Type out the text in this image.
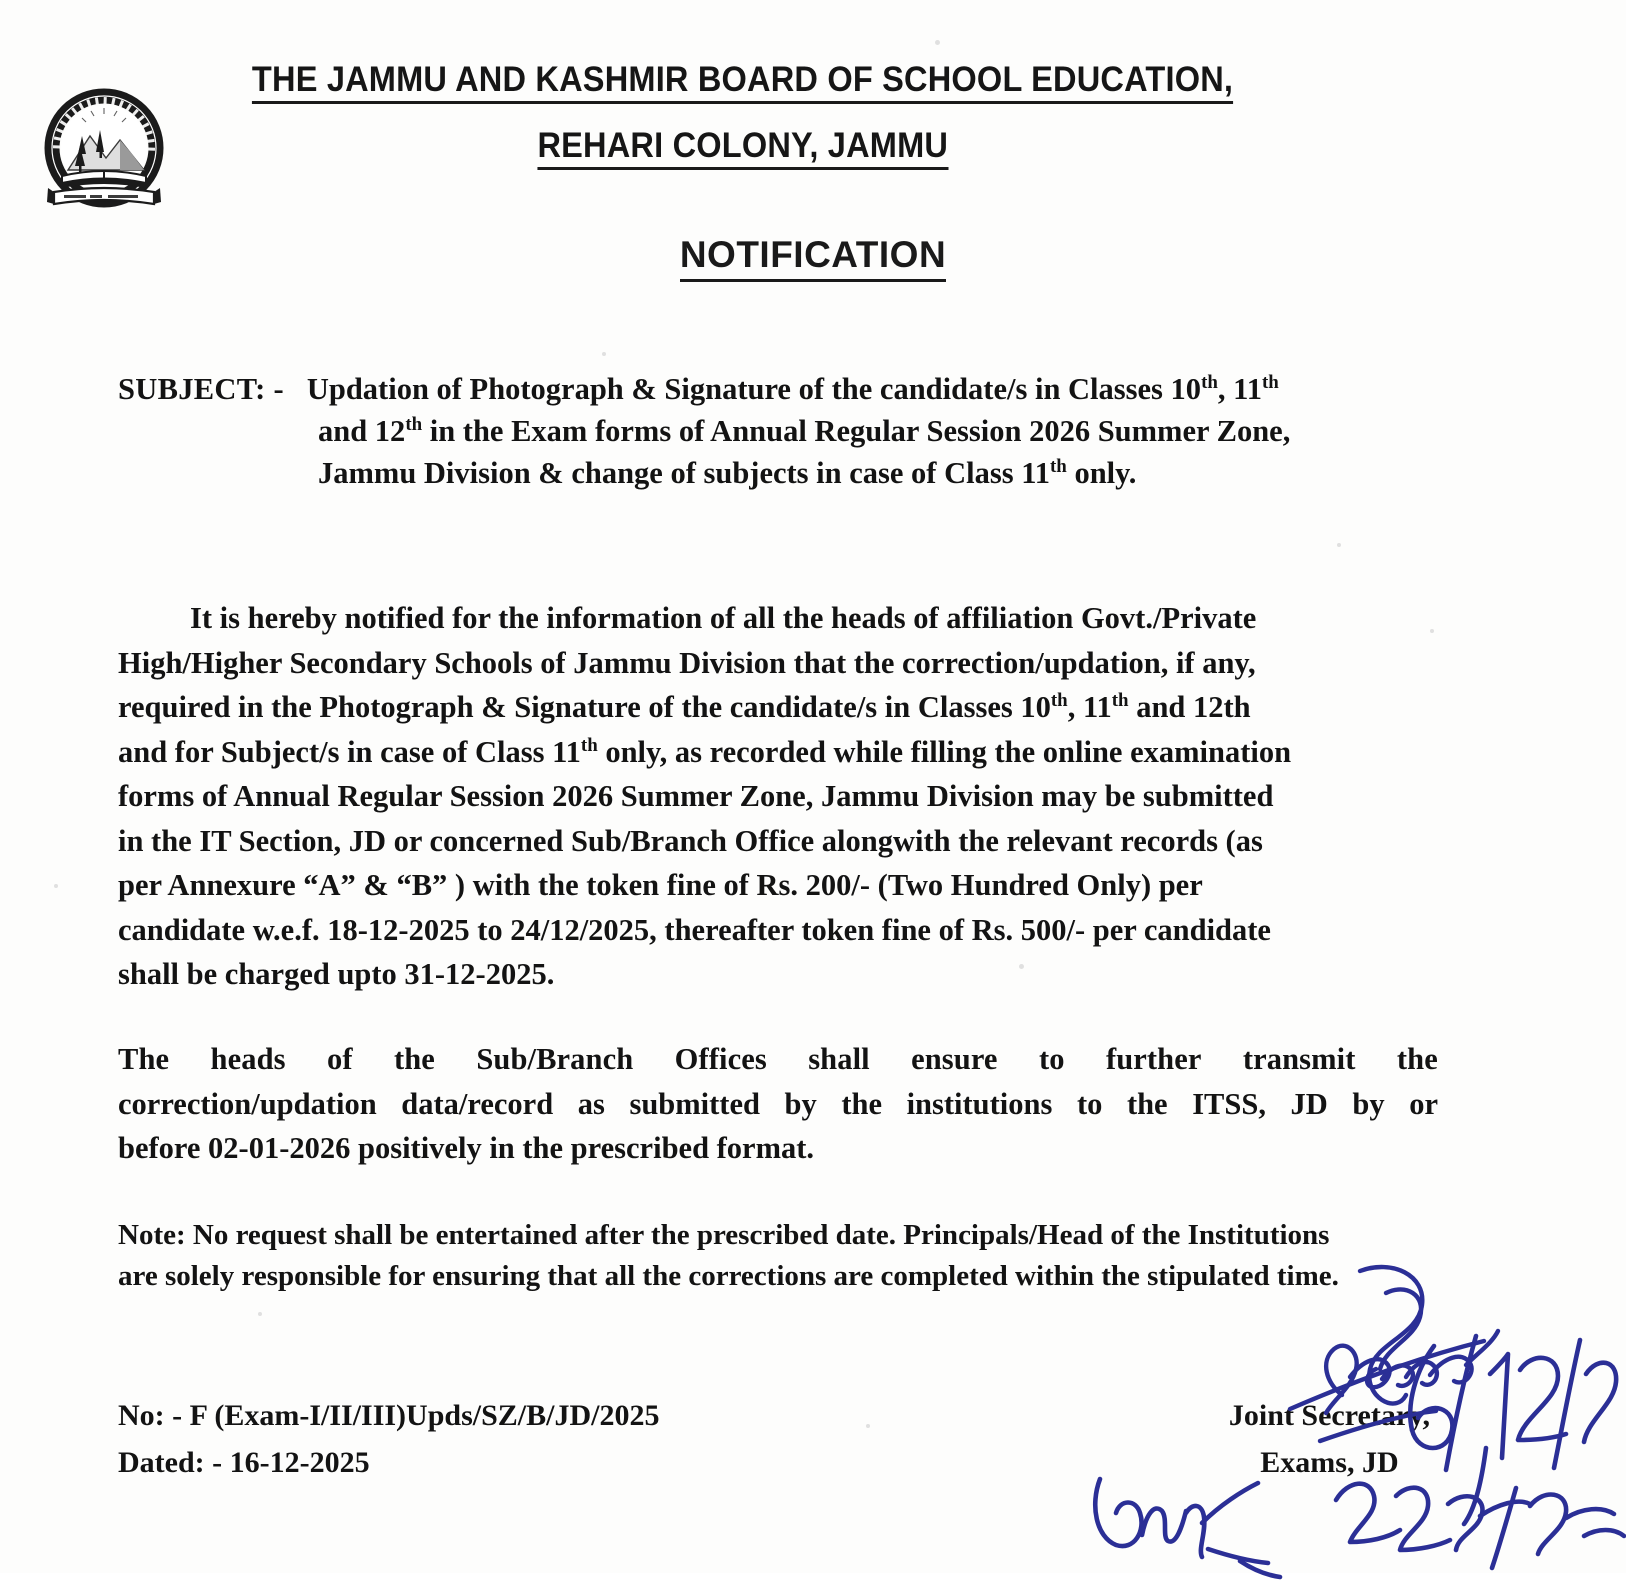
THE JAMMU AND KASHMIR BOARD OF SCHOOL EDUCATION,
REHARI COLONY, JAMMU
NOTIFICATION
SUBJECT: - Updation of Photograph & Signature of the candidate/s in Classes 10th, 11th
and 12th in the Exam forms of Annual Regular Session 2026 Summer Zone,
Jammu Division & change of subjects in case of Class 11th only.
It is hereby notified for the information of all the heads of affiliation Govt./Private
High/Higher Secondary Schools of Jammu Division that the correction/updation, if any,
required in the Photograph & Signature of the candidate/s in Classes 10th, 11th and 12th
and for Subject/s in case of Class 11th only, as recorded while filling the online examination
forms of Annual Regular Session 2026 Summer Zone, Jammu Division may be submitted
in the IT Section, JD or concerned Sub/Branch Office alongwith the relevant records (as
per Annexure “A” & “B” ) with the token fine of Rs. 200/- (Two Hundred Only) per
candidate w.e.f. 18-12-2025 to 24/12/2025, thereafter token fine of Rs. 500/- per candidate
shall be charged upto 31-12-2025.
The heads of the Sub/Branch Offices shall ensure to further transmit the
correction/updation data/record as submitted by the institutions to the ITSS, JD by or
before 02-01-2026 positively in the prescribed format.
Note: No request shall be entertained after the prescribed date. Principals/Head of the Institutions
are solely responsible for ensuring that all the corrections are completed within the stipulated time.
No: - F (Exam-I/II/III)Upds/SZ/B/JD/2025
Dated: - 16-12-2025
Joint Secretary,
Exams, JD
